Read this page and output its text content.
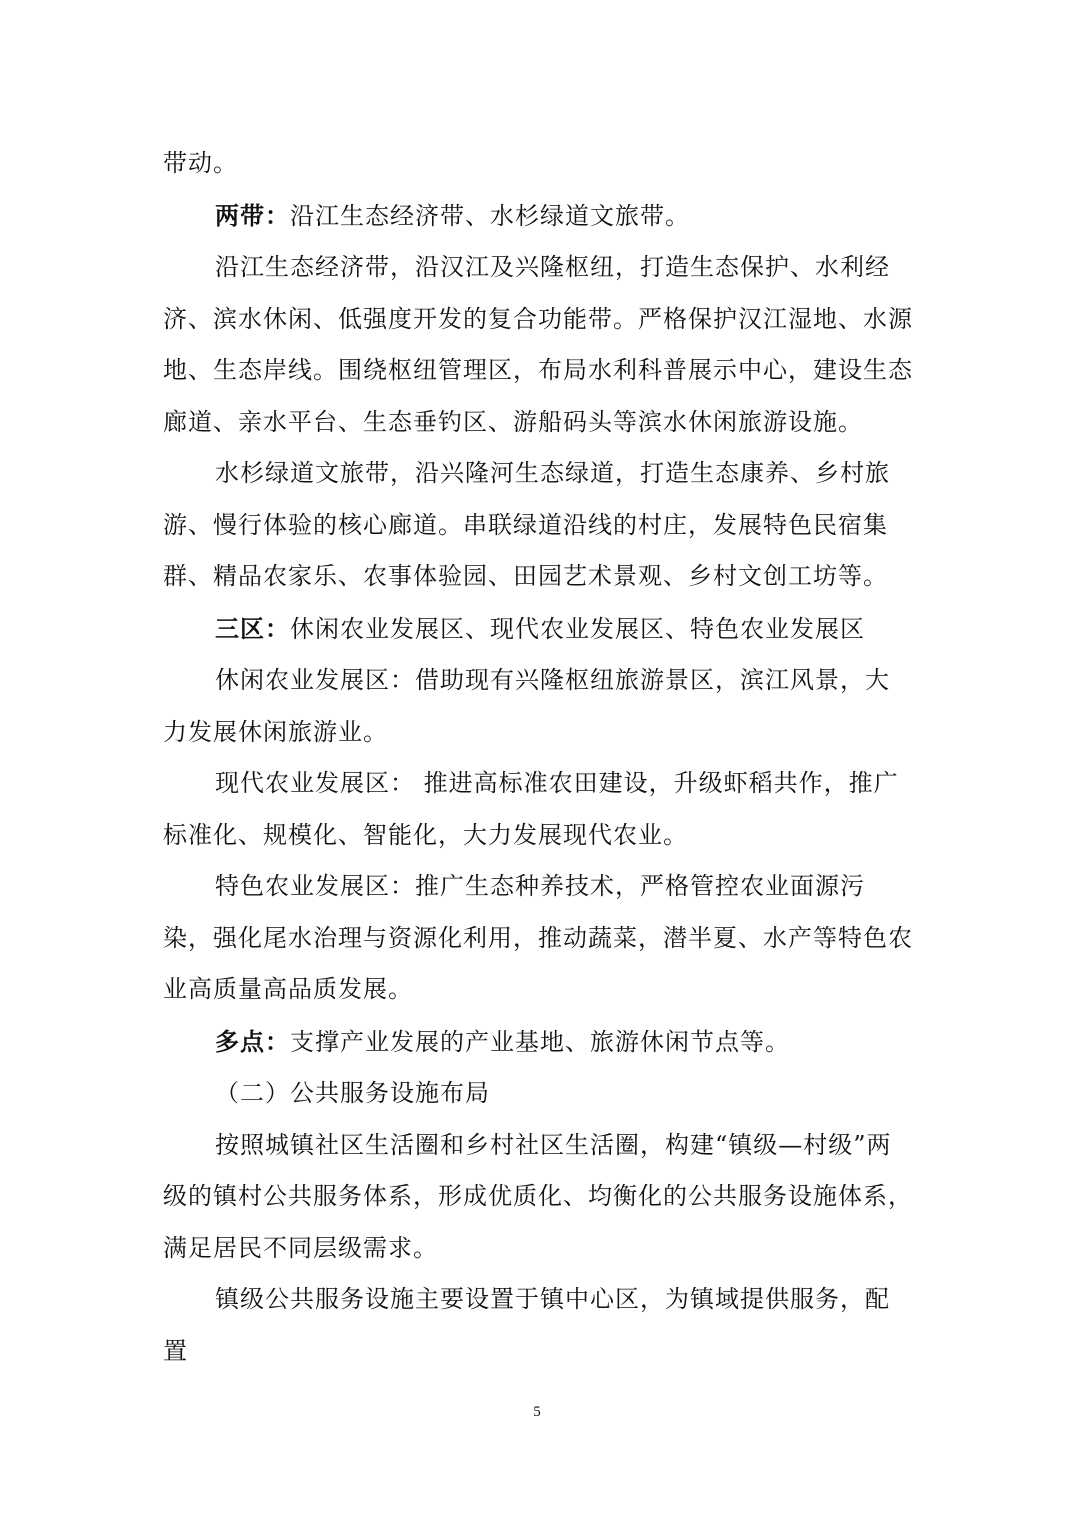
带动。

两带：沿江生态经济带、水杉绿道文旅带。

沿江生态经济带，沿汉江及兴隆枢纽，打造生态保护、水利经济、滨水休闲、低强度开发的复合功能带。严格保护汉江湿地、水源地、生态岸线。围绕枢纽管理区，布局水利科普展示中心，建设生态廊道、亲水平台、生态垂钓区、游船码头等滨水休闲旅游设施。

水杉绿道文旅带，沿兴隆河生态绿道，打造生态康养、乡村旅游、慢行体验的核心廊道。串联绿道沿线的村庄，发展特色民宿集群、精品农家乐、农事体验园、田园艺术景观、乡村文创工坊等。

三区：休闲农业发展区、现代农业发展区、特色农业发展区

休闲农业发展区：借助现有兴隆枢纽旅游景区，滨江风景，大力发展休闲旅游业。

现代农业发展区： 推进高标准农田建设，升级虾稻共作，推广标准化、规模化、智能化，大力发展现代农业。

特色农业发展区：推广生态种养技术，严格管控农业面源污染，强化尾水治理与资源化利用，推动蔬菜，潜半夏、水产等特色农业高质量高品质发展。

多点：支撑产业发展的产业基地、旅游休闲节点等。

（二）公共服务设施布局

按照城镇社区生活圈和乡村社区生活圈，构建“镇级—村级”两级的镇村公共服务体系，形成优质化、均衡化的公共服务设施体系，满足居民不同层级需求。

镇级公共服务设施主要设置于镇中心区，为镇域提供服务，配置

5
